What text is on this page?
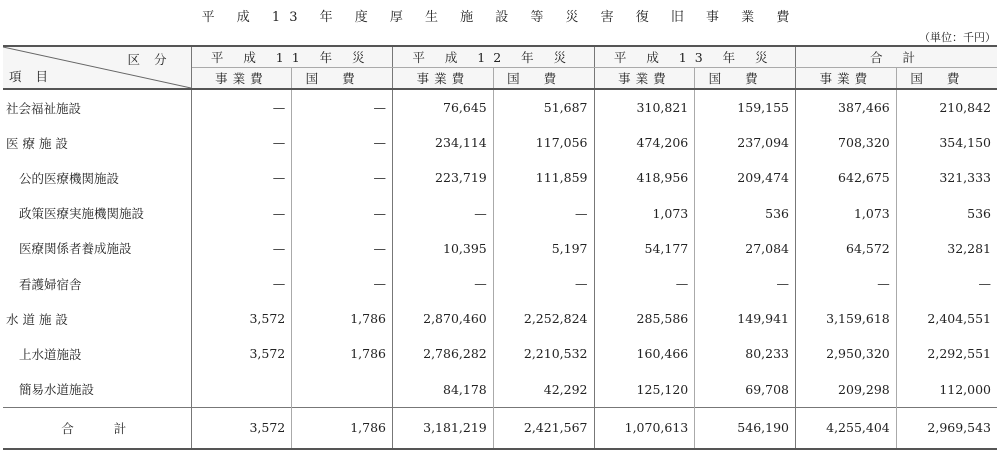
平 成 13 年 度 厚 生 施 設 等 災 害 復 旧 事 業 費
（単位：千円）
区分
項目	平 成 11 年 災		平 成 12 年 災		平 成 13 年 災		合 計	
	事業費	国費	事業費	国費	事業費	国費	事業費	国費
社会福祉施設	—	—	76,645	51,687	310,821	159,155	387,466	210,842
医 療 施 設	—	—	234,114	117,056	474,206	237,094	708,320	354,150
公的医療機関施設	—	—	223,719	111,859	418,956	209,474	642,675	321,333
政策医療実施機関施設	—	—	—	—	1,073	536	1,073	536
医療関係者養成施設	—	—	10,395	5,197	54,177	27,084	64,572	32,281
看護婦宿舎	—	—	—	—	—	—	—	—
水 道 施 設	3,572	1,786	2,870,460	2,252,824	285,586	149,941	3,159,618	2,404,551
上水道施設	3,572	1,786	2,786,282	2,210,532	160,466	80,233	2,950,320	2,292,551
簡易水道施設			84,178	42,292	125,120	69,708	209,298	112,000
合計	3,572	1,786	3,181,219	2,421,567	1,070,613	546,190	4,255,404	2,969,543
